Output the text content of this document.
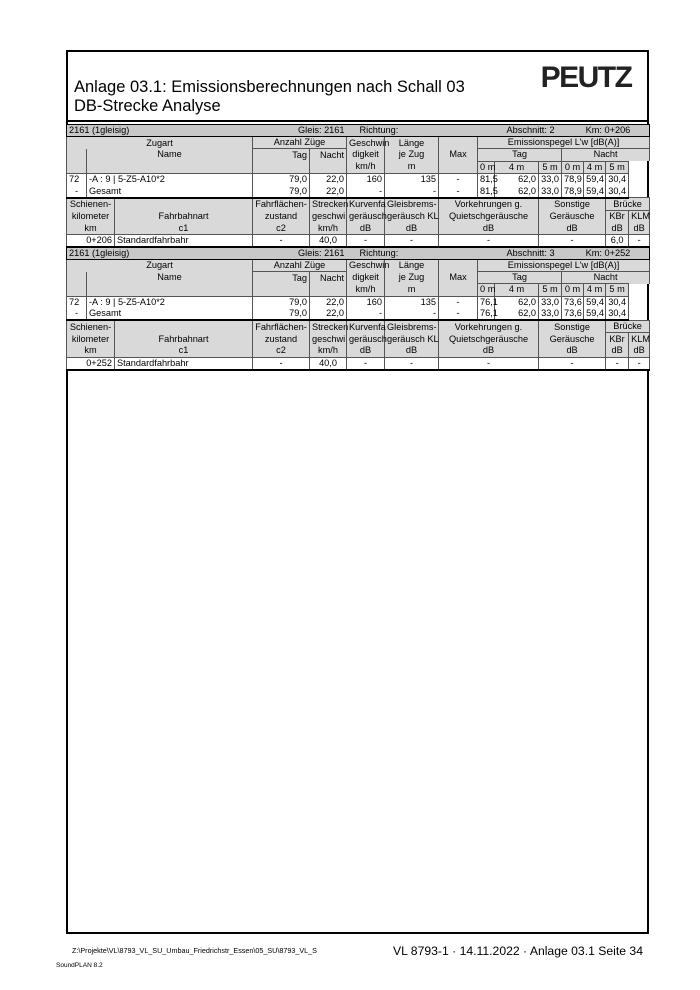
Anlage 03.1: Emissionsberechnungen nach Schall 03
DB-Strecke Analyse
PEUTZ
2161 (1gleisig)			Gleis: 2161		Richtung:			Abschnitt: 2				Km: 0+206		
Zugart			Anzahl Züge		Geschwin	Länge		Emissionspegel L'w [dB(A)]						
	Name		Tag	Nacht	digkeit	je Zug	Max	Tag			Nacht			
					km/h	m		0 m	4 m	5 m	0 m	4 m	5 m	
72	-A : 9 | 5-Z5-A10*2		79,0	22,0	160	135	-	81,5	62,0	33,0	78,9	59,4	30,4	
-	Gesamt		79,0	22,0	-	-	-	81,5	62,0	33,0	78,9	59,4	30,4	
Schienen-			Fahrflächen-	Strecken	Kurvenfa	Gleisbrems-	Vorkehrungen g.			Sonstige			Brücke	
kilometer		Fahrbahnart	zustand	geschwi	geräusch	geräusch KL	Quietschgeräusche			Geräusche			KBr	KLM
km		c1	c2	km/h	dB	dB	dB			dB			dB	dB
0+206		Standardfahrbahr	-	40,0	-	-	-			-			6,0	-
2161 (1gleisig)			Gleis: 2161		Richtung:			Abschnitt: 3				Km: 0+252		
Zugart			Anzahl Züge		Geschwin	Länge		Emissionspegel L'w [dB(A)]						
	Name		Tag	Nacht	digkeit	je Zug	Max	Tag			Nacht			
					km/h	m		0 m	4 m	5 m	0 m	4 m	5 m	
72	-A : 9 | 5-Z5-A10*2		79,0	22,0	160	135	-	76,1	62,0	33,0	73,6	59,4	30,4	
-	Gesamt		79,0	22,0	-	-	-	76,1	62,0	33,0	73,6	59,4	30,4	
Schienen-			Fahrflächen-	Strecken	Kurvenfa	Gleisbrems-	Vorkehrungen g.			Sonstige			Brücke	
kilometer		Fahrbahnart	zustand	geschwi	geräusch	geräusch KL	Quietschgeräusche			Geräusche			KBr	KLM
km		c1	c2	km/h	dB	dB	dB			dB			dB	dB
0+252		Standardfahrbahr	-	40,0	-	-	-			-			-	-
Z:\Projekte\VL\8793_VL_SU_Umbau_Friedrichstr_Essen\05_SU\8793_VL_S	VL 8793-1 · 14.11.2022 · Anlage 03.1 Seite 34
SoundPLAN 8.2
